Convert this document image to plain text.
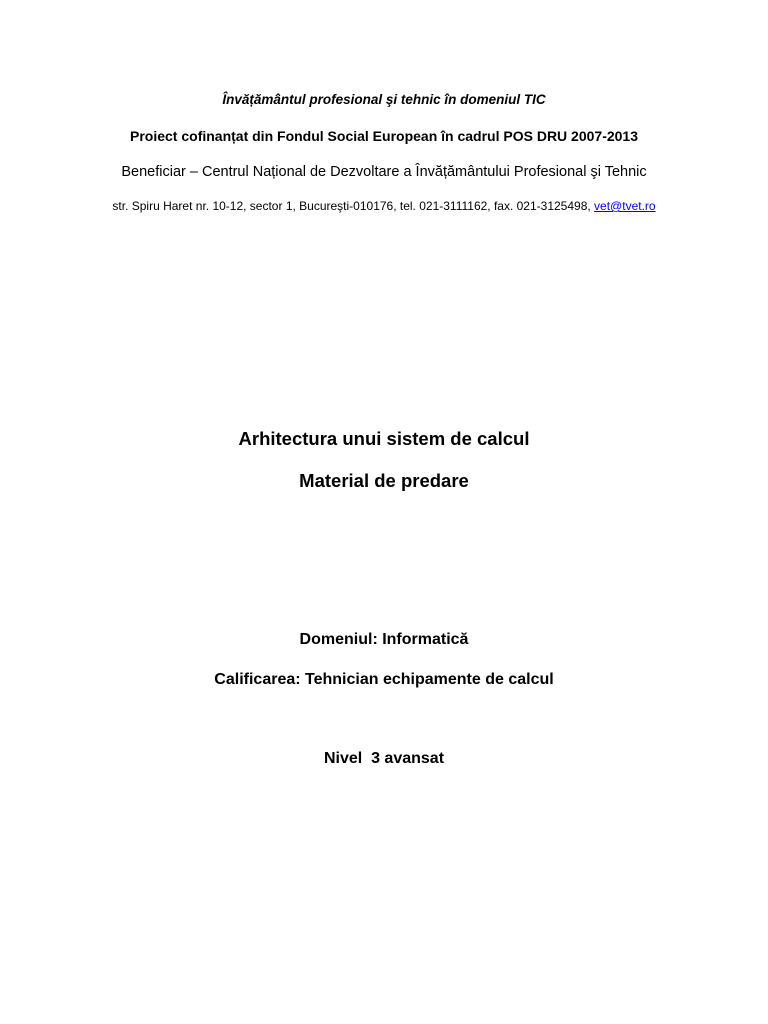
Învățământul profesional şi tehnic în domeniul TIC
Proiect cofinanțat din Fondul Social European în cadrul POS DRU 2007-2013
Beneficiar – Centrul Național de Dezvoltare a Învățământului Profesional şi Tehnic
str. Spiru Haret nr. 10-12, sector 1, Bucureşti-010176, tel. 021-3111162, fax. 021-3125498, vet@tvet.ro
Arhitectura unui sistem de calcul
Material de predare
Domeniul: Informatică
Calificarea: Tehnician echipamente de calcul
Nivel  3 avansat
